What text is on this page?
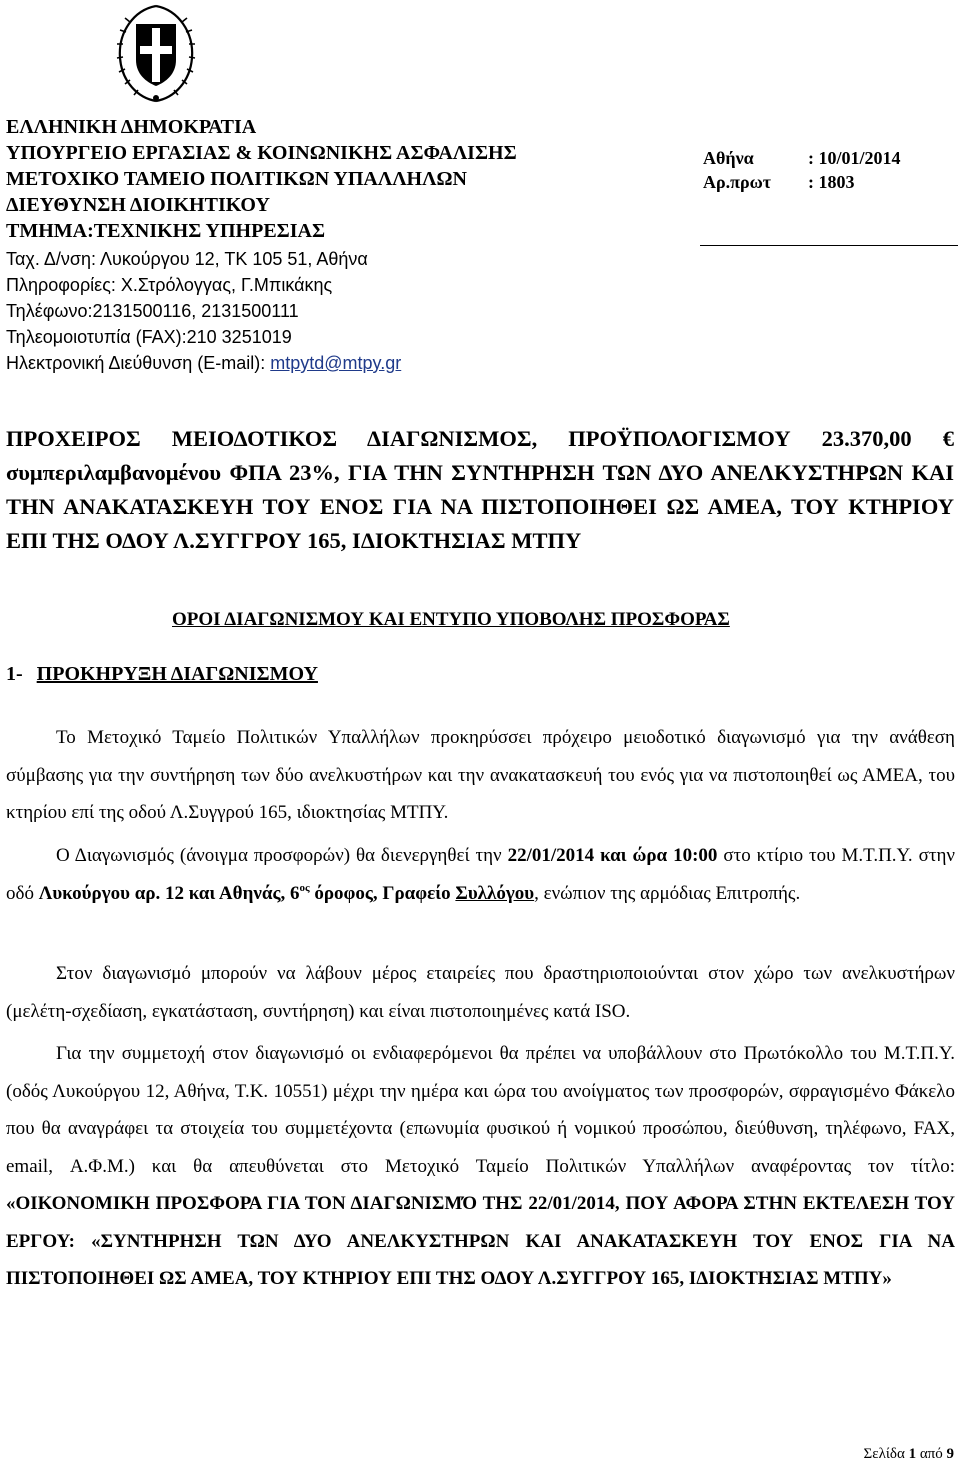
ΕΛΛΗΝΙΚΗ ΔΗΜΟΚΡΑΤΙΑ
ΥΠΟΥΡΓΕΙΟ ΕΡΓΑΣΙΑΣ & ΚΟΙΝΩΝΙΚΗΣ ΑΣΦΑΛΙΣΗΣ
ΜΕΤΟΧΙΚΟ ΤΑΜΕΙΟ ΠΟΛΙΤΙΚΩΝ ΥΠΑΛΛΗΛΩΝ
ΔΙΕΥΘΥΝΣΗ ΔΙΟΙΚΗΤΙΚΟΥ
ΤΜΗΜΑ:ΤΕΧΝΙΚΗΣ ΥΠΗΡΕΣΙΑΣ
Ταχ. Δ/νση: Λυκούργου 12, ΤΚ 105 51, Αθήνα
Πληροφορίες: Χ.Στρόλογγας, Γ.Μπικάκης
Τηλέφωνο:2131500116, 2131500111
Τηλεομοιοτυπία (FAX):210 3251019
Ηλεκτρονική Διεύθυνση (E-mail): mtpytd@mtpy.gr
Αθήνα	: 10/01/2014
Αρ.πρωτ : 1803
ΠΡΟΧΕΙΡΟΣ ΜΕΙΟΔΟΤΙΚΟΣ ΔΙΑΓΩΝΙΣΜΟΣ, ΠΡΟΫΠΟΛΟΓΙΣΜΟΥ 23.370,00 € συμπεριλαμβανομένου ΦΠΑ 23%, ΓΙΑ ΤΗΝ ΣΥΝΤΗΡΗΣΗ ΤΩΝ ΔΥΟ ΑΝΕΛΚΥΣΤΗΡΩΝ ΚΑΙ ΤΗΝ ΑΝΑΚΑΤΑΣΚΕΥΗ ΤΟΥ ΕΝΟΣ ΓΙΑ ΝΑ ΠΙΣΤΟΠΟΙΗΘΕΙ ΩΣ ΑΜΕΑ, ΤΟΥ ΚΤΗΡΙΟΥ ΕΠΙ ΤΗΣ ΟΔΟΥ Λ.ΣΥΓΓΡΟΥ 165, ΙΔΙΟΚΤΗΣΙΑΣ ΜΤΠΥ
ΟΡΟΙ ΔΙΑΓΩΝΙΣΜΟΥ ΚΑΙ ΕΝΤΥΠΟ ΥΠΟΒΟΛΗΣ ΠΡΟΣΦΟΡΑΣ
1- ΠΡΟΚΗΡΥΞΗ ΔΙΑΓΩΝΙΣΜΟΥ
Το Μετοχικό Ταμείο Πολιτικών Υπαλλήλων προκηρύσσει πρόχειρο μειοδοτικό διαγωνισμό για την ανάθεση σύμβασης για την συντήρηση των δύο ανελκυστήρων και την ανακατασκευή του ενός για να πιστοποιηθεί ως ΑΜΕΑ, του κτηρίου επί της οδού Λ.Συγγρού 165, ιδιοκτησίας ΜΤΠΥ.
Ο Διαγωνισμός (άνοιγμα προσφορών) θα διενεργηθεί την 22/01/2014 και ώρα 10:00 στο κτίριο του Μ.Τ.Π.Υ. στην οδό Λυκούργου αρ. 12 και Αθηνάς, $6^{o\varsigma}$ όροφος, Γραφείο Συλλόγου, ενώπιον της αρμόδιας Επιτροπής.
Στον διαγωνισμό μπορούν να λάβουν μέρος εταιρείες που δραστηριοποιούνται στον χώρο των ανελκυστήρων (μελέτη-σχεδίαση, εγκατάσταση, συντήρηση) και είναι πιστοποιημένες κατά ISO.
Για την συμμετοχή στον διαγωνισμό οι ενδιαφερόμενοι θα πρέπει να υποβάλλουν στο Πρωτόκολλο του Μ.Τ.Π.Υ. (οδός Λυκούργου 12, Αθήνα, Τ.Κ. 10551) μέχρι την ημέρα και ώρα του ανοίγματος των προσφορών, σφραγισμένο Φάκελο που θα αναγράφει τα στοιχεία του συμμετέχοντα (επωνυμία φυσικού ή νομικού προσώπου, διεύθυνση, τηλέφωνο, FAX, email, Α.Φ.Μ.) και θα απευθύνεται στο Μετοχικό Ταμείο Πολιτικών Υπαλλήλων αναφέροντας τον τίτλο: «ΟΙΚΟΝΟΜΙΚΗ ΠΡΟΣΦΟΡΑ ΓΙΑ ΤΟΝ ΔΙΑΓΩΝΙΣΜΌ ΤΗΣ 22/01/2014, ΠΟΥ ΑΦΟΡΑ ΣΤΗΝ ΕΚΤΕΛΕΣΗ ΤΟΥ ΕΡΓΟΥ: «ΣΥΝΤΗΡΗΣΗ ΤΩΝ ΔΥΟ ΑΝΕΛΚΥΣΤΗΡΩΝ ΚΑΙ ΑΝΑΚΑΤΑΣΚΕΥΗ ΤΟΥ ΕΝΟΣ ΓΙΑ ΝΑ ΠΙΣΤΟΠΟΙΗΘΕΙ ΩΣ ΑΜΕΑ, ΤΟΥ ΚΤΗΡΙΟΥ ΕΠΙ ΤΗΣ ΟΔΟΥ Λ.ΣΥΓΓΡΟΥ 165, ΙΔΙΟΚΤΗΣΙΑΣ ΜΤΠΥ»
Σελίδα 1 από 9
